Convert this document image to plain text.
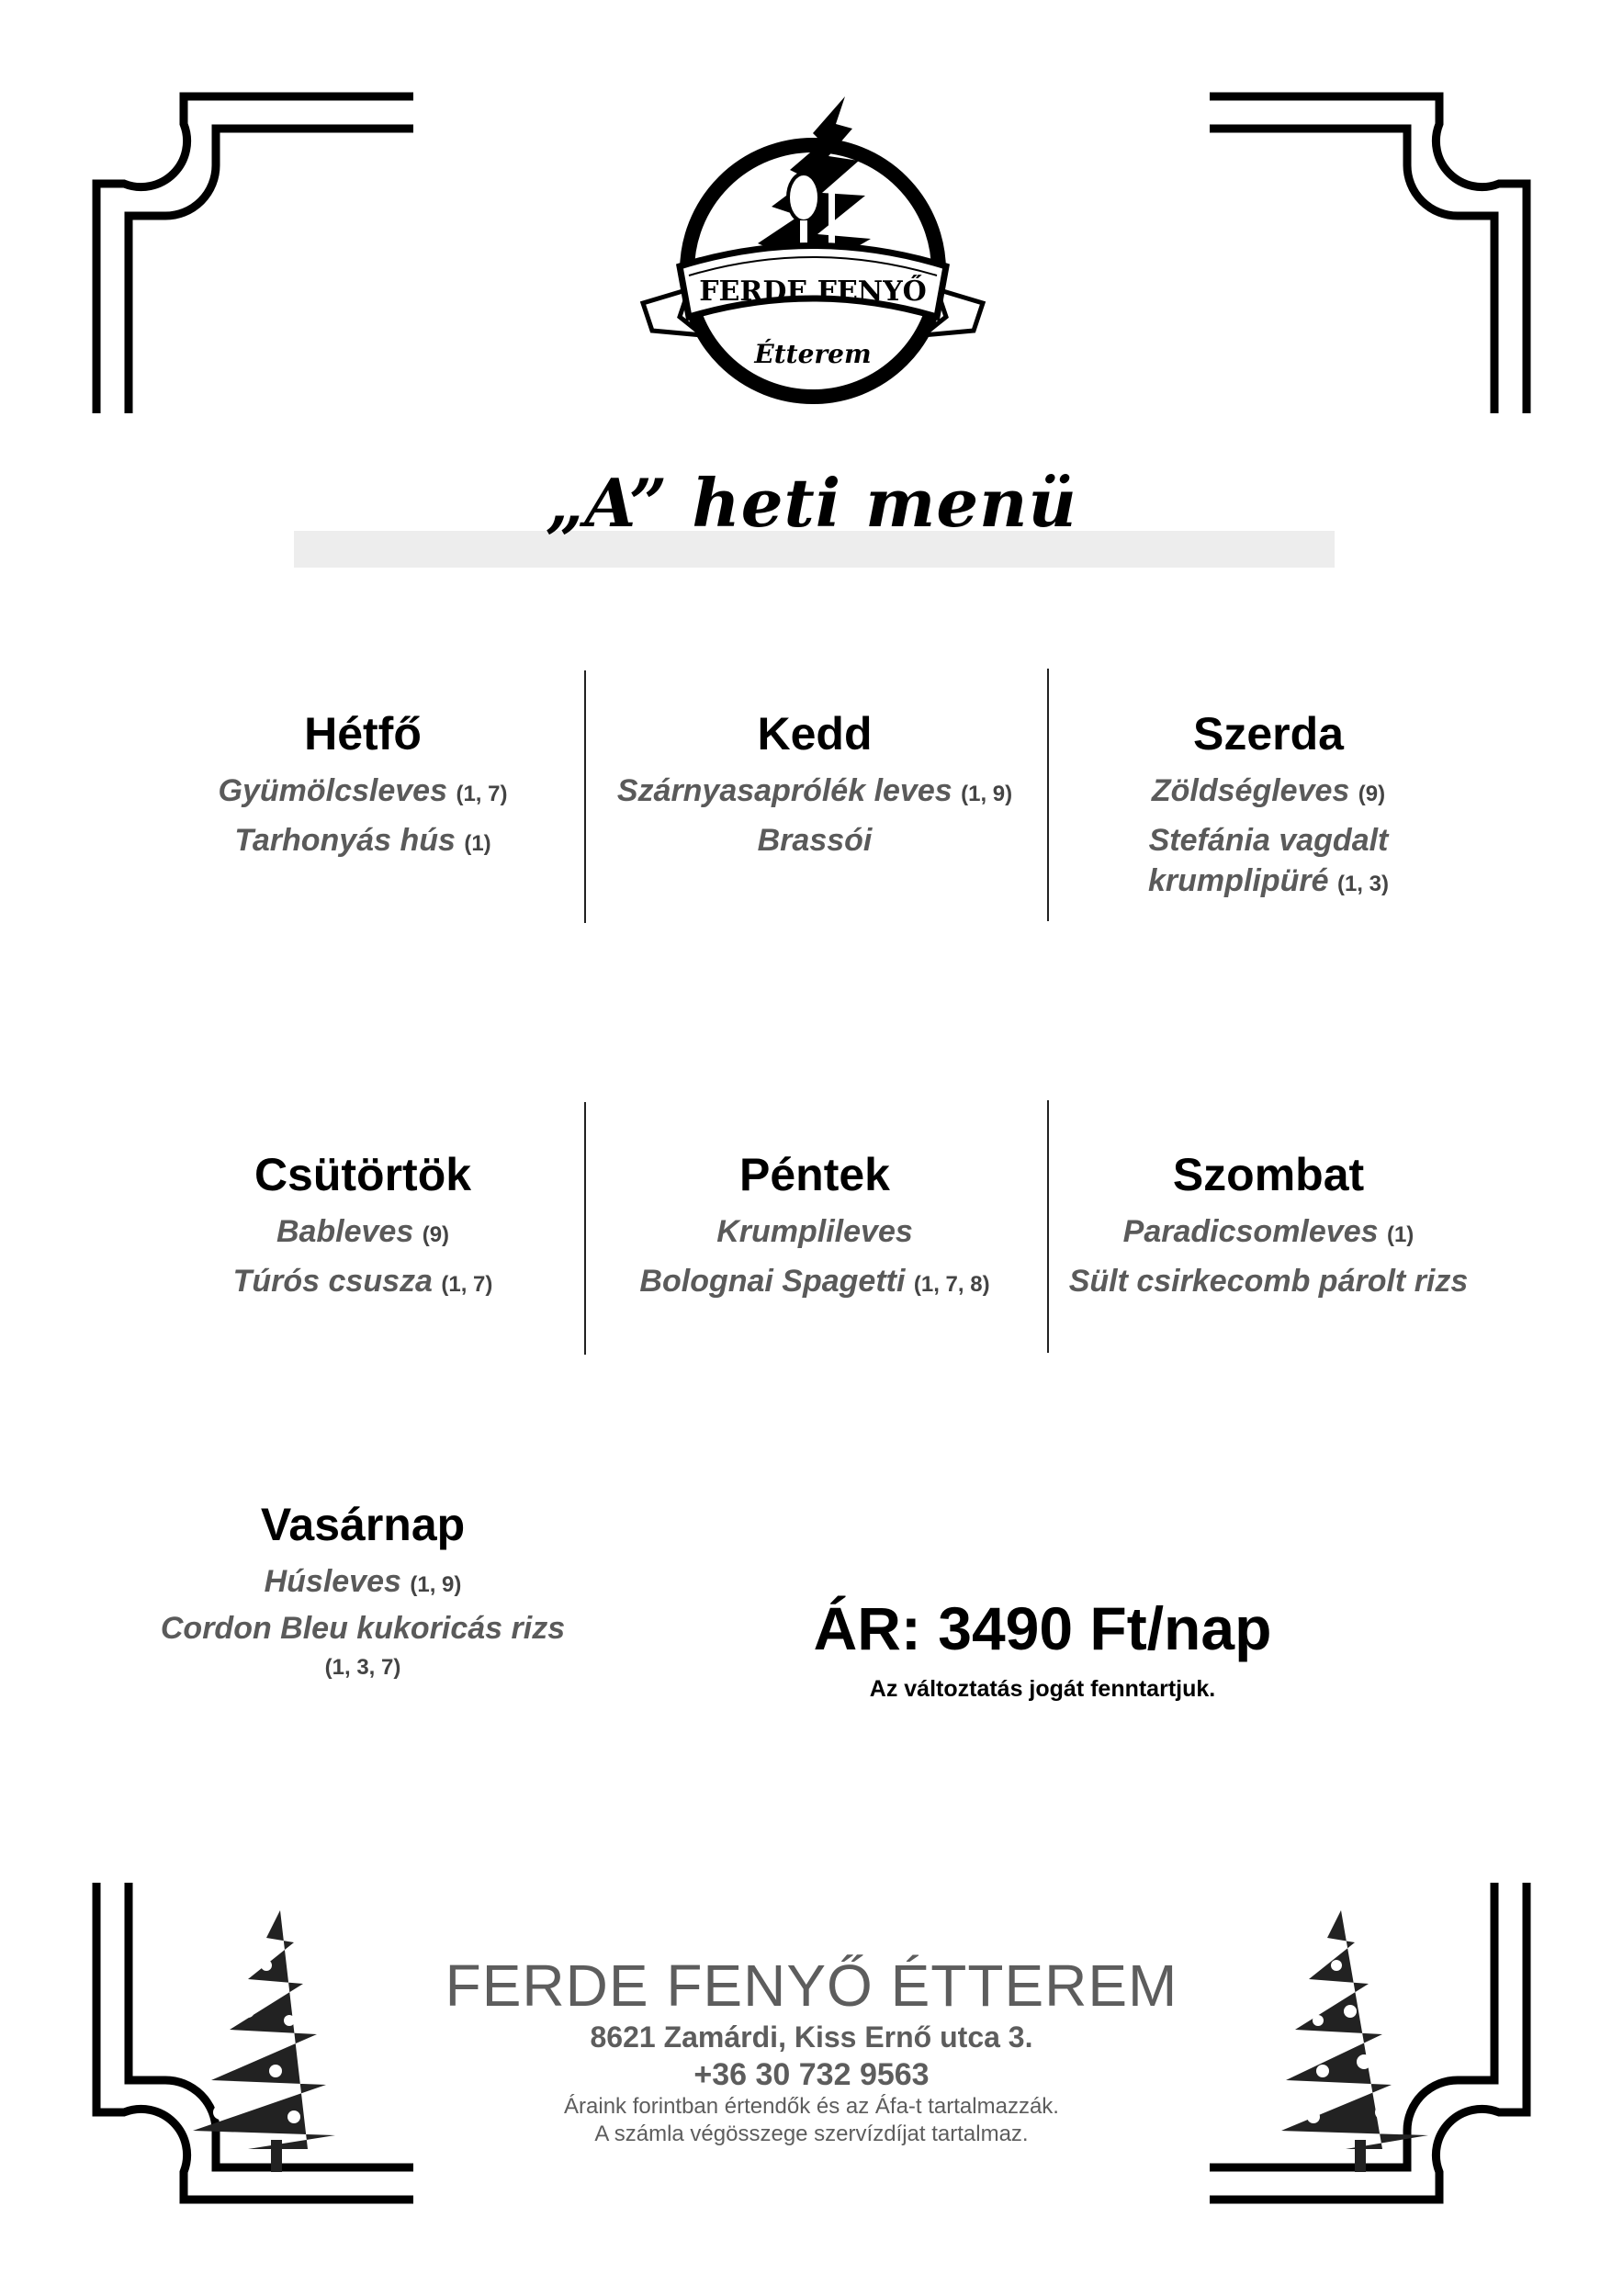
FERDE FENYŐ
Étterem
„A” heti menü
Hétfő
Gyümölcsleves (1, 7)
Tarhonyás hús (1)
Kedd
Szárnyasaprólék leves (1, 9)
Brassói
Szerda
Zöldségleves (9)
Stefánia vagdalt krumplipüré (1, 3)
Csütörtök
Bableves (9)
Túrós csusza (1, 7)
Péntek
Krumplileves
Bolognai Spagetti (1, 7, 8)
Szombat
Paradicsomleves (1)
Sült csirkecomb párolt rizs
Vasárnap
Húsleves (1, 9)
Cordon Bleu kukoricás rizs
(1, 3, 7)
ÁR: 3490 Ft/nap
Az változtatás jogát fenntartjuk.
FERDE FENYŐ ÉTTEREM
8621 Zamárdi, Kiss Ernő utca 3.
+36 30 732 9563
Áraink forintban értendők és az Áfa-t tartalmazzák.
A számla végösszege szervízdíjat tartalmaz.
